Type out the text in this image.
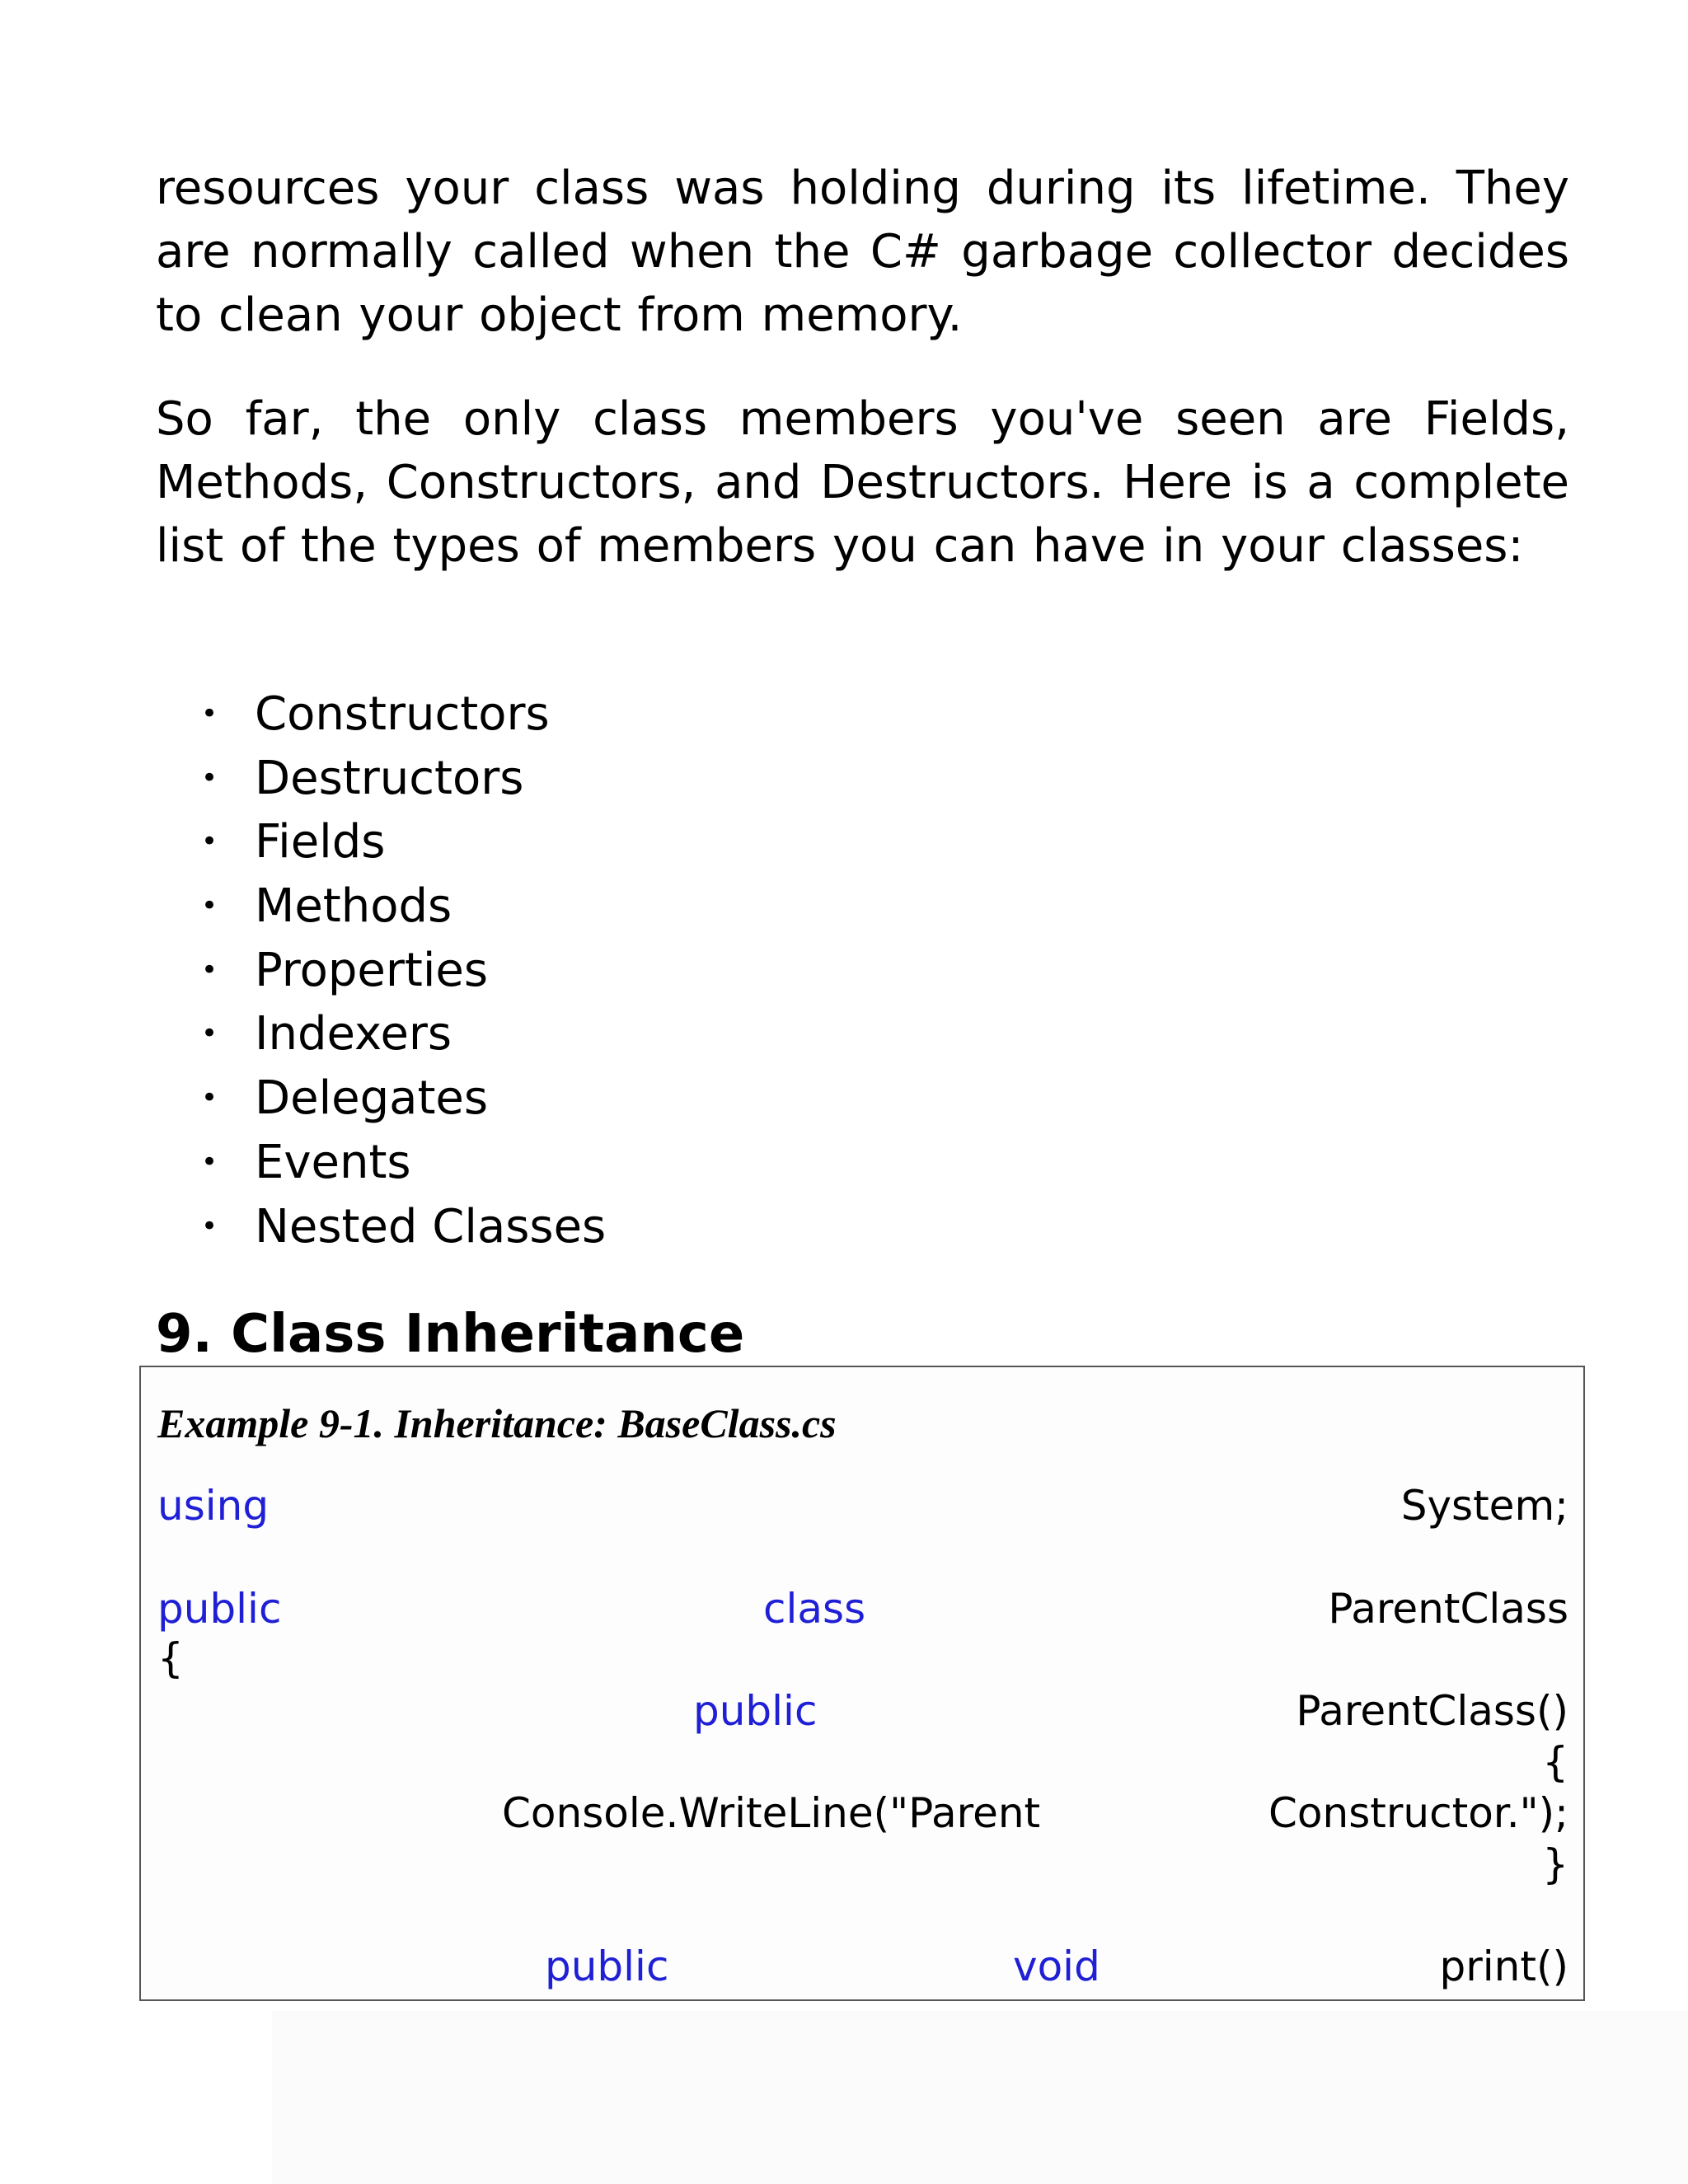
resources your class was holding during its lifetime. They are normally called when the C# garbage collector decides to clean your object from memory.

So far, the only class members you've seen are Fields, Methods, Constructors, and Destructors. Here is a complete list of the types of members you can have in your classes:

• Constructors
• Destructors
• Fields
• Methods
• Properties
• Indexers
• Delegates
• Events
• Nested Classes
9. Class Inheritance
Example 9-1. Inheritance: BaseClass.cs
using	System;
public	class	ParentClass
{
public	ParentClass()
{
Console.WriteLine("Parent	Constructor.");
}
public	void	print()
